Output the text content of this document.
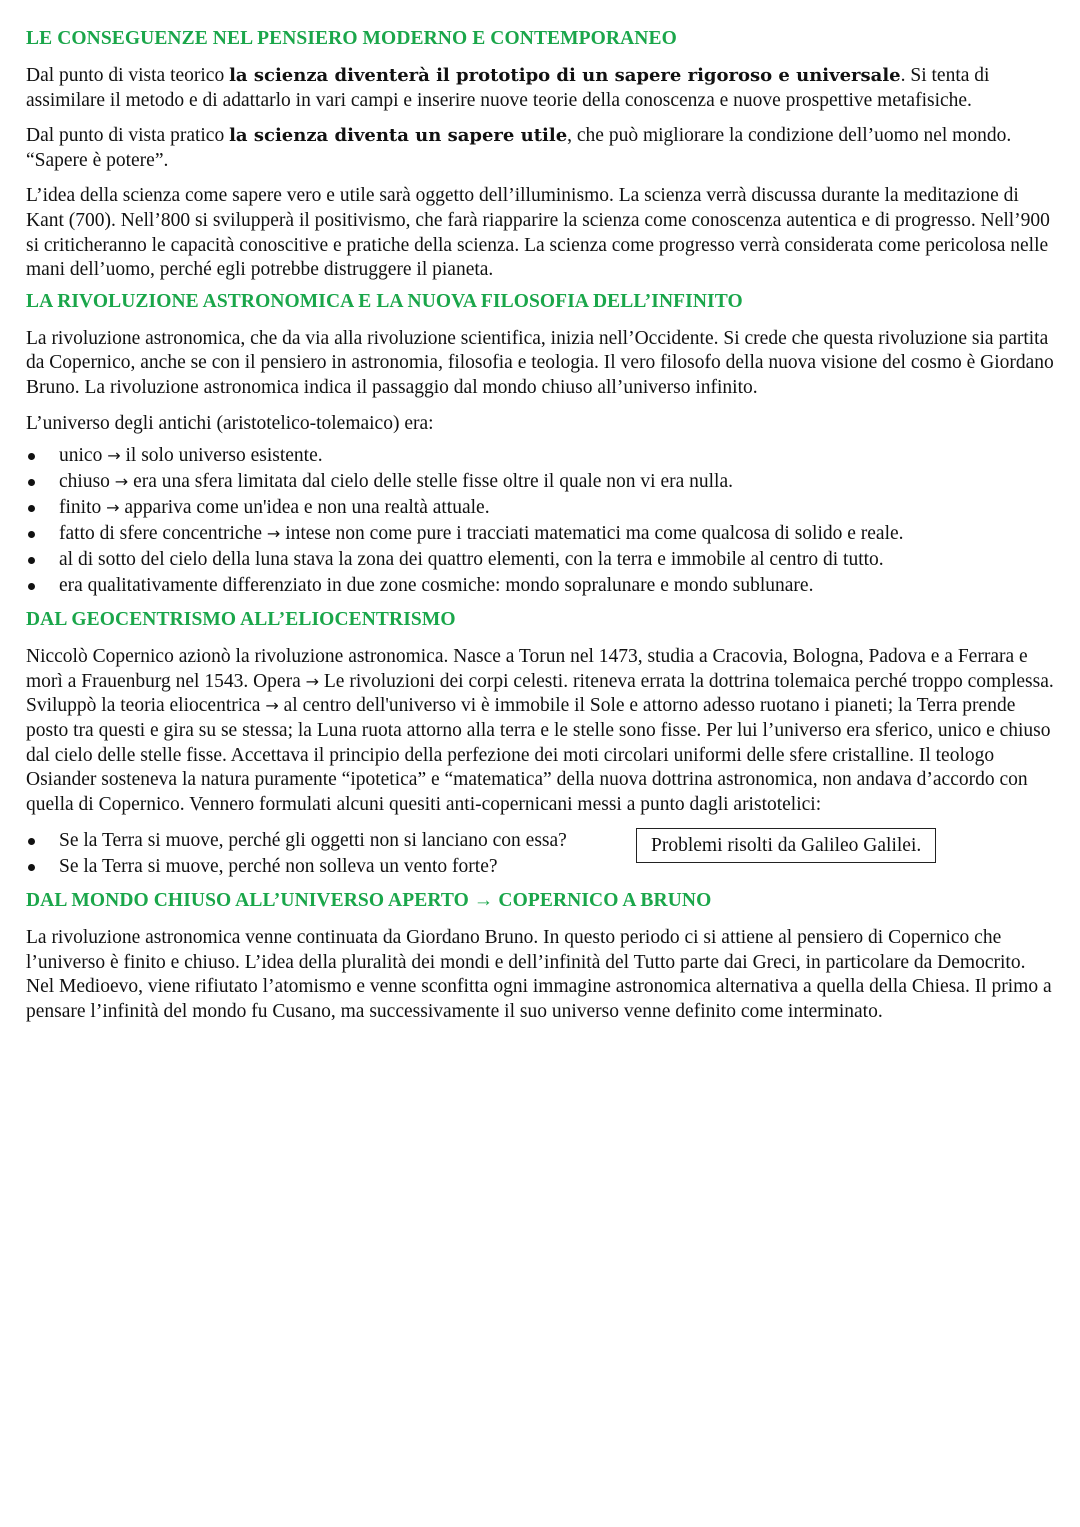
LE CONSEGUENZE NEL PENSIERO MODERNO E CONTEMPORANEO

Dal punto di vista teorico la scienza diventerà il prototipo di un sapere rigoroso e universale. Si tenta di assimilare il metodo e di adattarlo in vari campi e inserire nuove teorie della conoscenza e nuove prospettive metafisiche.

Dal punto di vista pratico la scienza diventa un sapere utile, che può migliorare la condizione dell’uomo nel mondo. “Sapere è potere”.

L’idea della scienza come sapere vero e utile sarà oggetto dell’illuminismo. La scienza verrà discussa durante la meditazione di Kant (700). Nell’800 si svilupperà il positivismo, che farà riapparire la scienza come conoscenza autentica e di progresso. Nell’900 si criticheranno le capacità conoscitive e pratiche della scienza. La scienza come progresso verrà considerata come pericolosa nelle mani dell’uomo, perché egli potrebbe distruggere il pianeta.

LA RIVOLUZIONE ASTRONOMICA E LA NUOVA FILOSOFIA DELL’INFINITO

La rivoluzione astronomica, che da via alla rivoluzione scientifica, inizia nell’Occidente. Si crede che questa rivoluzione sia partita da Copernico, anche se con il pensiero in astronomia, filosofia e teologia. Il vero filosofo della nuova visione del cosmo è Giordano Bruno. La rivoluzione astronomica indica il passaggio dal mondo chiuso all’universo infinito.

L’universo degli antichi (aristotelico-tolemaico) era:

unico → il solo universo esistente.
chiuso → era una sfera limitata dal cielo delle stelle fisse oltre il quale non vi era nulla.
finito → appariva come un'idea e non una realtà attuale.
fatto di sfere concentriche → intese non come pure i tracciati matematici ma come qualcosa di solido e reale.
al di sotto del cielo della luna stava la zona dei quattro elementi, con la terra e immobile al centro di tutto.
era qualitativamente differenziato in due zone cosmiche: mondo sopralunare e mondo sublunare.
DAL GEOCENTRISMO ALL’ELIOCENTRISMO

Niccolò Copernico azionò la rivoluzione astronomica. Nasce a Torun nel 1473, studia a Cracovia, Bologna, Padova e a Ferrara e morì a Frauenburg nel 1543. Opera → Le rivoluzioni dei corpi celesti. riteneva errata la dottrina tolemaica perché troppo complessa. Sviluppò la teoria eliocentrica → al centro dell'universo vi è immobile il Sole e attorno adesso ruotano i pianeti; la Terra prende posto tra questi e gira su se stessa; la Luna ruota attorno alla terra e le stelle sono fisse. Per lui l’universo era sferico, unico e chiuso dal cielo delle stelle fisse. Accettava il principio della perfezione dei moti circolari uniformi delle sfere cristalline. Il teologo Osiander sosteneva la natura puramente “ipotetica” e “matematica” della nuova dottrina astronomica, non andava d’accordo con quella di Copernico. Vennero formulati alcuni quesiti anti-copernicani messi a punto dagli aristotelici:

Se la Terra si muove, perché gli oggetti non si lanciano con essa?
Se la Terra si muove, perché non solleva un vento forte?
Problemi risolti da Galileo Galilei.
DAL MONDO CHIUSO ALL’UNIVERSO APERTO → COPERNICO A BRUNO

La rivoluzione astronomica venne continuata da Giordano Bruno. In questo periodo ci si attiene al pensiero di Copernico che l’universo è finito e chiuso. L’idea della pluralità dei mondi e dell’infinità del Tutto parte dai Greci, in particolare da Democrito. Nel Medioevo, viene rifiutato l’atomismo e venne sconfitta ogni immagine astronomica alternativa a quella della Chiesa. Il primo a pensare l’infinità del mondo fu Cusano, ma successivamente il suo universo venne definito come interminato.
